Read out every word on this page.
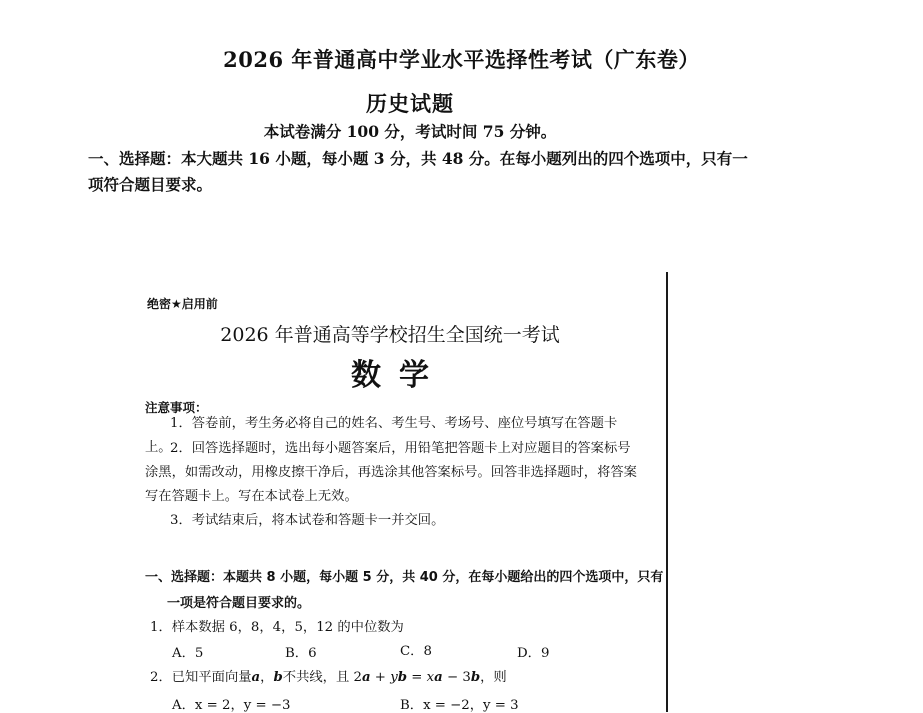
2026 年普通高中学业水平选择性考试（广东卷）
历史试题
本试卷满分 100 分，考试时间 75 分钟。
一、选择题：本大题共 16 小题，每小题 3 分，共 48 分。在每小题列出的四个选项中，只有一项符合题目要求。
绝密★启用前
2026 年普通高等学校招生全国统一考试
数学
注意事项：
1．答卷前，考生务必将自己的姓名、考生号、考场号、座位号填写在答题卡上。
2．回答选择题时，选出每小题答案后，用铅笔把答题卡上对应题目的答案标号涂黑，如需改动，用橡皮擦干净后，再选涂其他答案标号。回答非选择题时，将答案写在答题卡上。写在本试卷上无效。
3．考试结束后，将本试卷和答题卡一并交回。
一、选择题：本题共 8 小题，每小题 5 分，共 40 分，在每小题给出的四个选项中，只有一项是符合题目要求的。
1．样本数据 6，8，4，5，12 的中位数为
A．5	B．6	C．8	D．9
2．已知平面向量a，b不共线，且 2a + yb = xa − 3b，则
A．x = 2，y = −3	B．x = −2，y = 3
